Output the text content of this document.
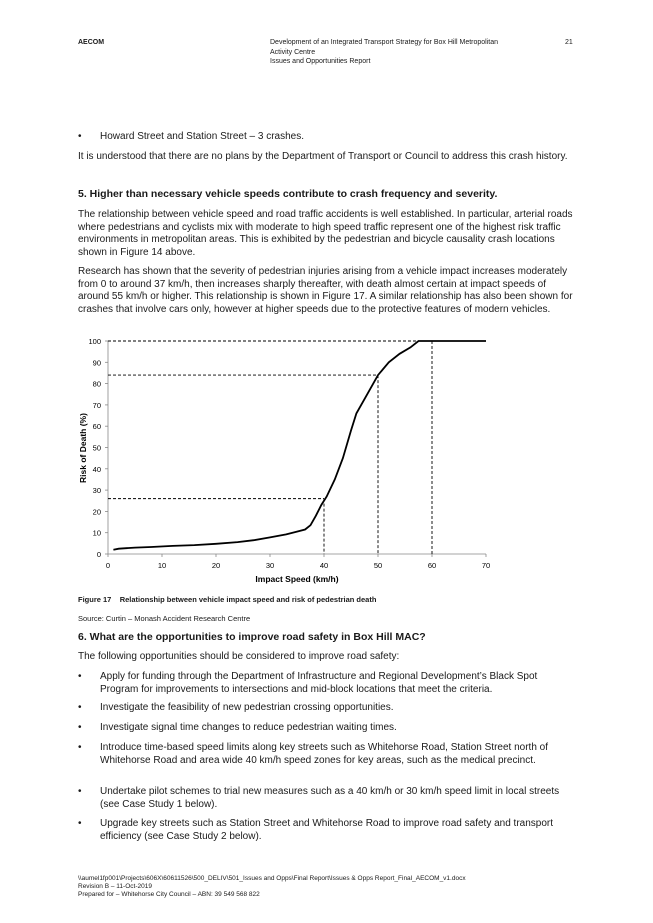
AECOM	Development of an Integrated Transport Strategy for Box Hill Metropolitan
Activity Centre
Issues and Opportunities Report
21
• Howard Street and Station Street – 3 crashes.
It is understood that there are no plans by the Department of Transport or Council to address this crash history.
5. Higher than necessary vehicle speeds contribute to crash frequency and severity.
The relationship between vehicle speed and road traffic accidents is well established. In particular, arterial roads where pedestrians and cyclists mix with moderate to high speed traffic represent one of the highest risk traffic environments in metropolitan areas. This is exhibited by the pedestrian and bicycle causality crash locations shown in Figure 14 above.
Research has shown that the severity of pedestrian injuries arising from a vehicle impact increases moderately from 0 to around 37 km/h, then increases sharply thereafter, with death almost certain at impact speeds of around 55 km/h or higher. This relationship is shown in Figure 17. A similar relationship has also been shown for crashes that involve cars only, however at higher speeds due to the protective features of modern vehicles.
0
10
20
30
40
50
60
70
80
90
100
0	10	20	30	40	50	60	70
Risk of Death (%)
Impact Speed (km/h)
Figure 17 Relationship between vehicle impact speed and risk of pedestrian death
Source: Curtin – Monash Accident Research Centre
6. What are the opportunities to improve road safety in Box Hill MAC?
The following opportunities should be considered to improve road safety:
• Apply for funding through the Department of Infrastructure and Regional Development’s Black Spot Program for improvements to intersections and mid-block locations that meet the criteria.
• Investigate the feasibility of new pedestrian crossing opportunities.
• Investigate signal time changes to reduce pedestrian waiting times.
• Introduce time-based speed limits along key streets such as Whitehorse Road, Station Street north of Whitehorse Road and area wide 40 km/h speed zones for key areas, such as the medical precinct.
• Undertake pilot schemes to trial new measures such as a 40 km/h or 30 km/h speed limit in local streets (see Case Study 1 below).
• Upgrade key streets such as Station Street and Whitehorse Road to improve road safety and transport efficiency (see Case Study 2 below).
\\aumel1fp001\Projects\606X\60611526\500_DELIV\501_Issues and Opps\Final Report\Issues & Opps Report_Final_AECOM_v1.docx
Revision B – 11-Oct-2019
Prepared for – Whitehorse City Council – ABN: 39 549 568 822
